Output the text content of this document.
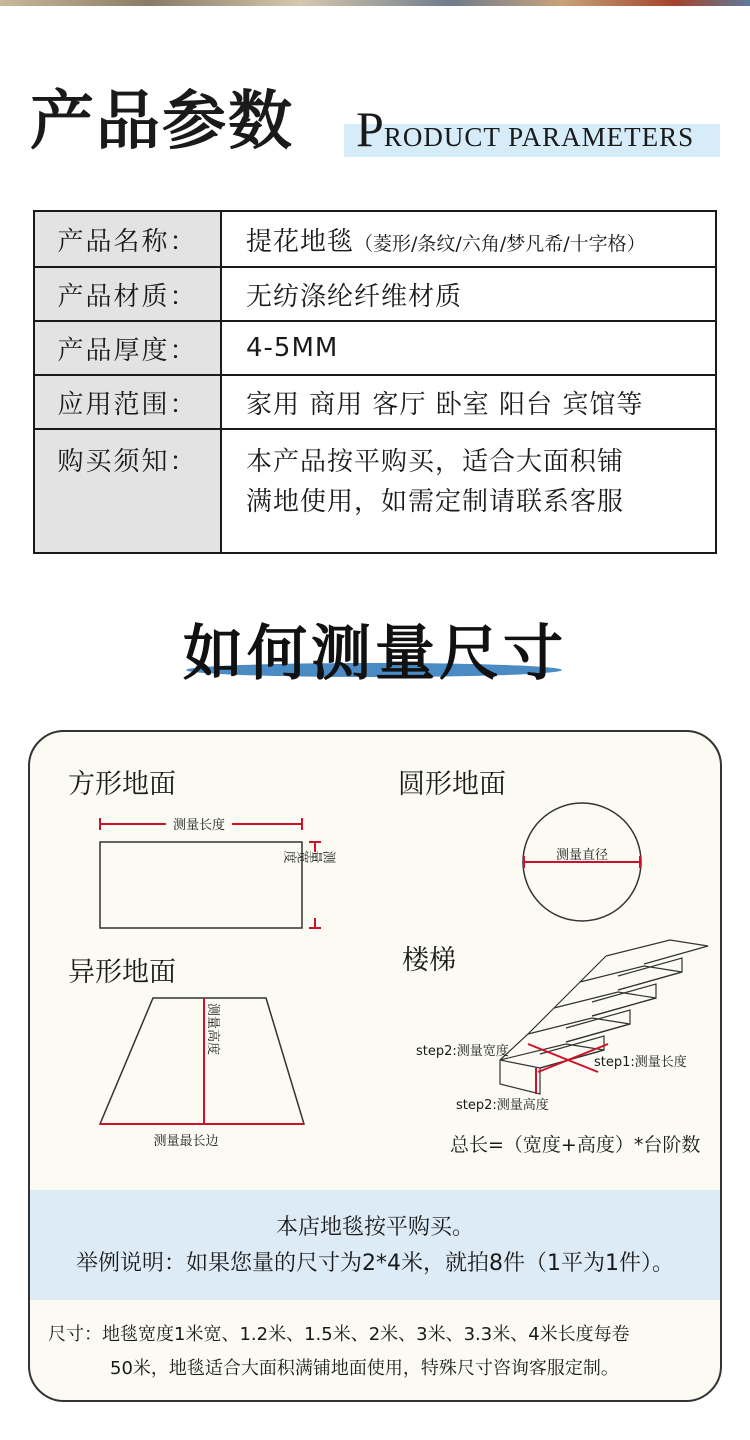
产品参数 PRODUCT PARAMETERS
产品名称：	提花地毯（菱形/条纹/六角/梦凡希/十字格）
产品材质：	无纺涤纶纤维材质
产品厚度：	4-5MM
应用范围：	家用 商用 客厅 卧室 阳台 宾馆等
购买须知：	本产品按平购买，适合大面积铺
满地使用，如需定制请联系客服
如何测量尺寸
方形地面	圆形地面
异形地面	楼梯
测量长度
测量宽度	测量直径
测量高度
测量最长边
step2:测量宽度
step1:测量长度
step2:测量高度
总长=（宽度+高度）*台阶数
本店地毯按平购买。
举例说明：如果您量的尺寸为2*4米，就拍8件（1平为1件）。
尺寸：地毯宽度1米宽、1.2米、1.5米、2米、3米、3.3米、4米长度每卷
50米，地毯适合大面积满铺地面使用，特殊尺寸咨询客服定制。
